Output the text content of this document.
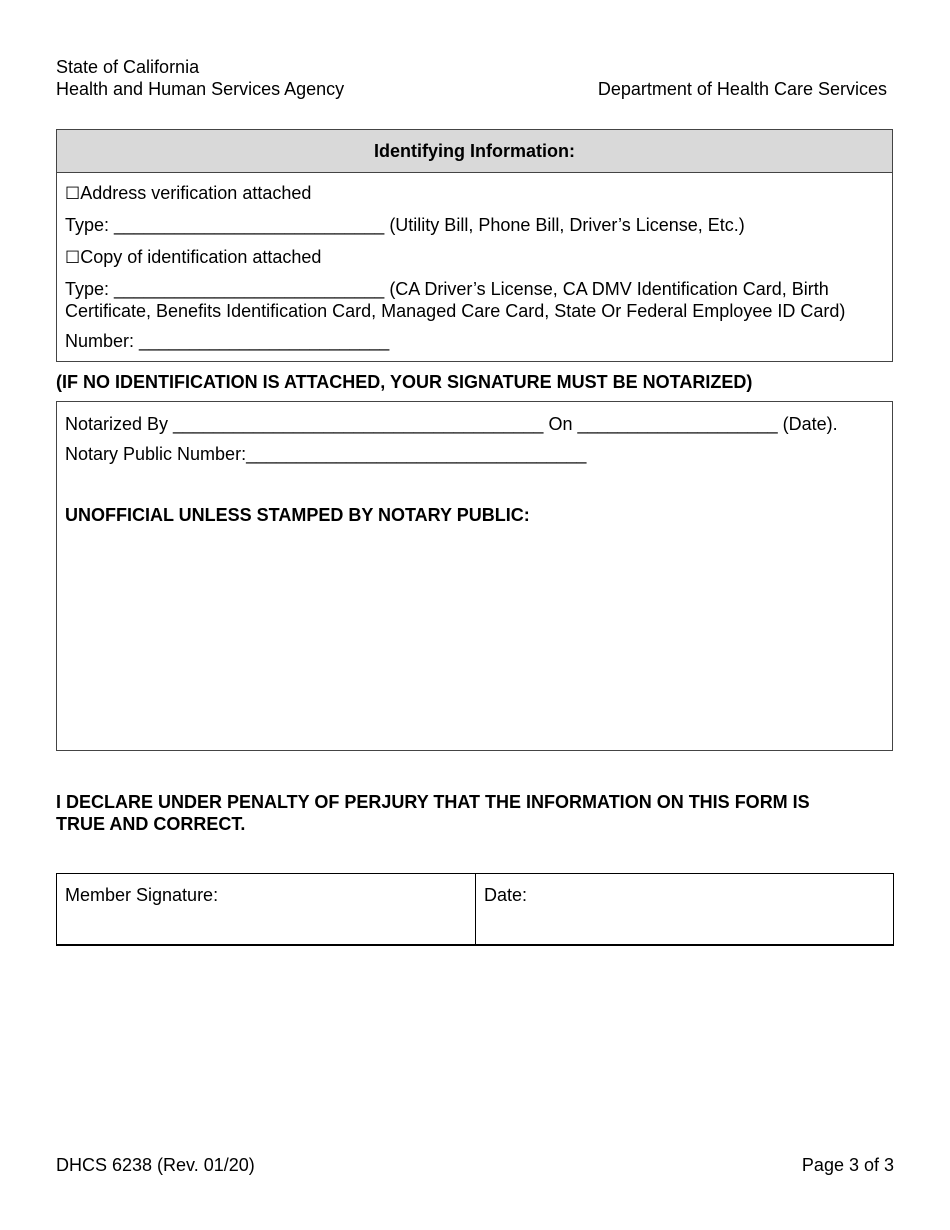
State of California
Health and Human Services Agency	Department of Health Care Services
Identifying Information:
☐Address verification attached
Type: ___________________________ (Utility Bill, Phone Bill, Driver’s License, Etc.)
☐Copy of identification attached
Type: ___________________________ (CA Driver’s License, CA DMV Identification Card, Birth
Certificate, Benefits Identification Card, Managed Care Card, State Or Federal Employee ID Card)
Number: _________________________
(IF NO IDENTIFICATION IS ATTACHED, YOUR SIGNATURE MUST BE NOTARIZED)
Notarized By _____________________________________ On ____________________ (Date).
Notary Public Number:__________________________________
UNOFFICIAL UNLESS STAMPED BY NOTARY PUBLIC:
I DECLARE UNDER PENALTY OF PERJURY THAT THE INFORMATION ON THIS FORM IS
TRUE AND CORRECT.
Member Signature:	Date:
DHCS 6238 (Rev. 01/20)	Page 3 of 3
